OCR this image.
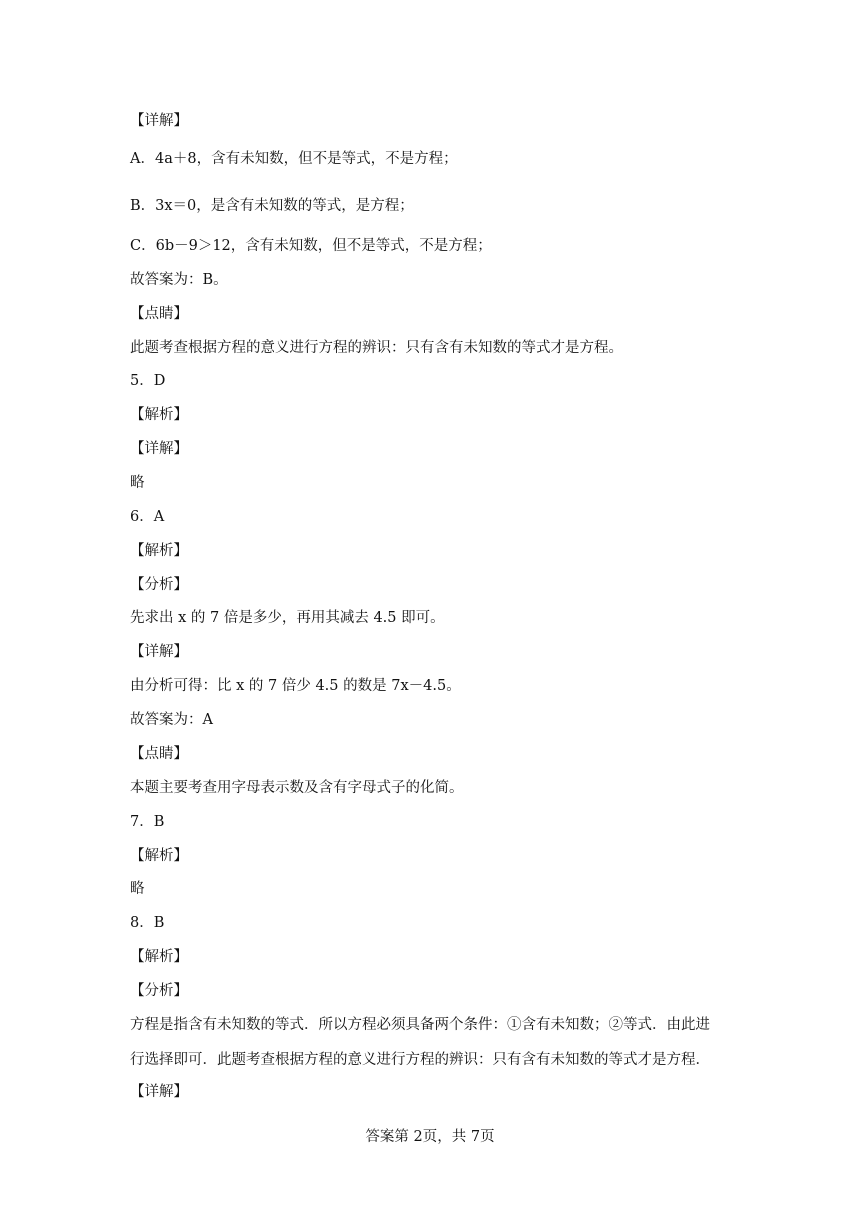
【详解】
A．4a＋8，含有未知数，但不是等式，不是方程；
B．3x＝0，是含有未知数的等式，是方程；
C．6b－9＞12，含有未知数，但不是等式，不是方程；
故答案为：B。
【点睛】
此题考查根据方程的意义进行方程的辨识：只有含有未知数的等式才是方程。
5．D
【解析】
【详解】
略
6．A
【解析】
【分析】
先求出 x 的 7 倍是多少，再用其减去 4.5 即可。
【详解】
由分析可得：比 x 的 7 倍少 4.5 的数是 7x－4.5。
故答案为：A
【点睛】
本题主要考查用字母表示数及含有字母式子的化简。
7．B
【解析】
略
8．B
【解析】
【分析】
方程是指含有未知数的等式．所以方程必须具备两个条件：①含有未知数；②等式．由此进
行选择即可．此题考查根据方程的意义进行方程的辨识：只有含有未知数的等式才是方程．
【详解】
答案第 2页，共 7页
